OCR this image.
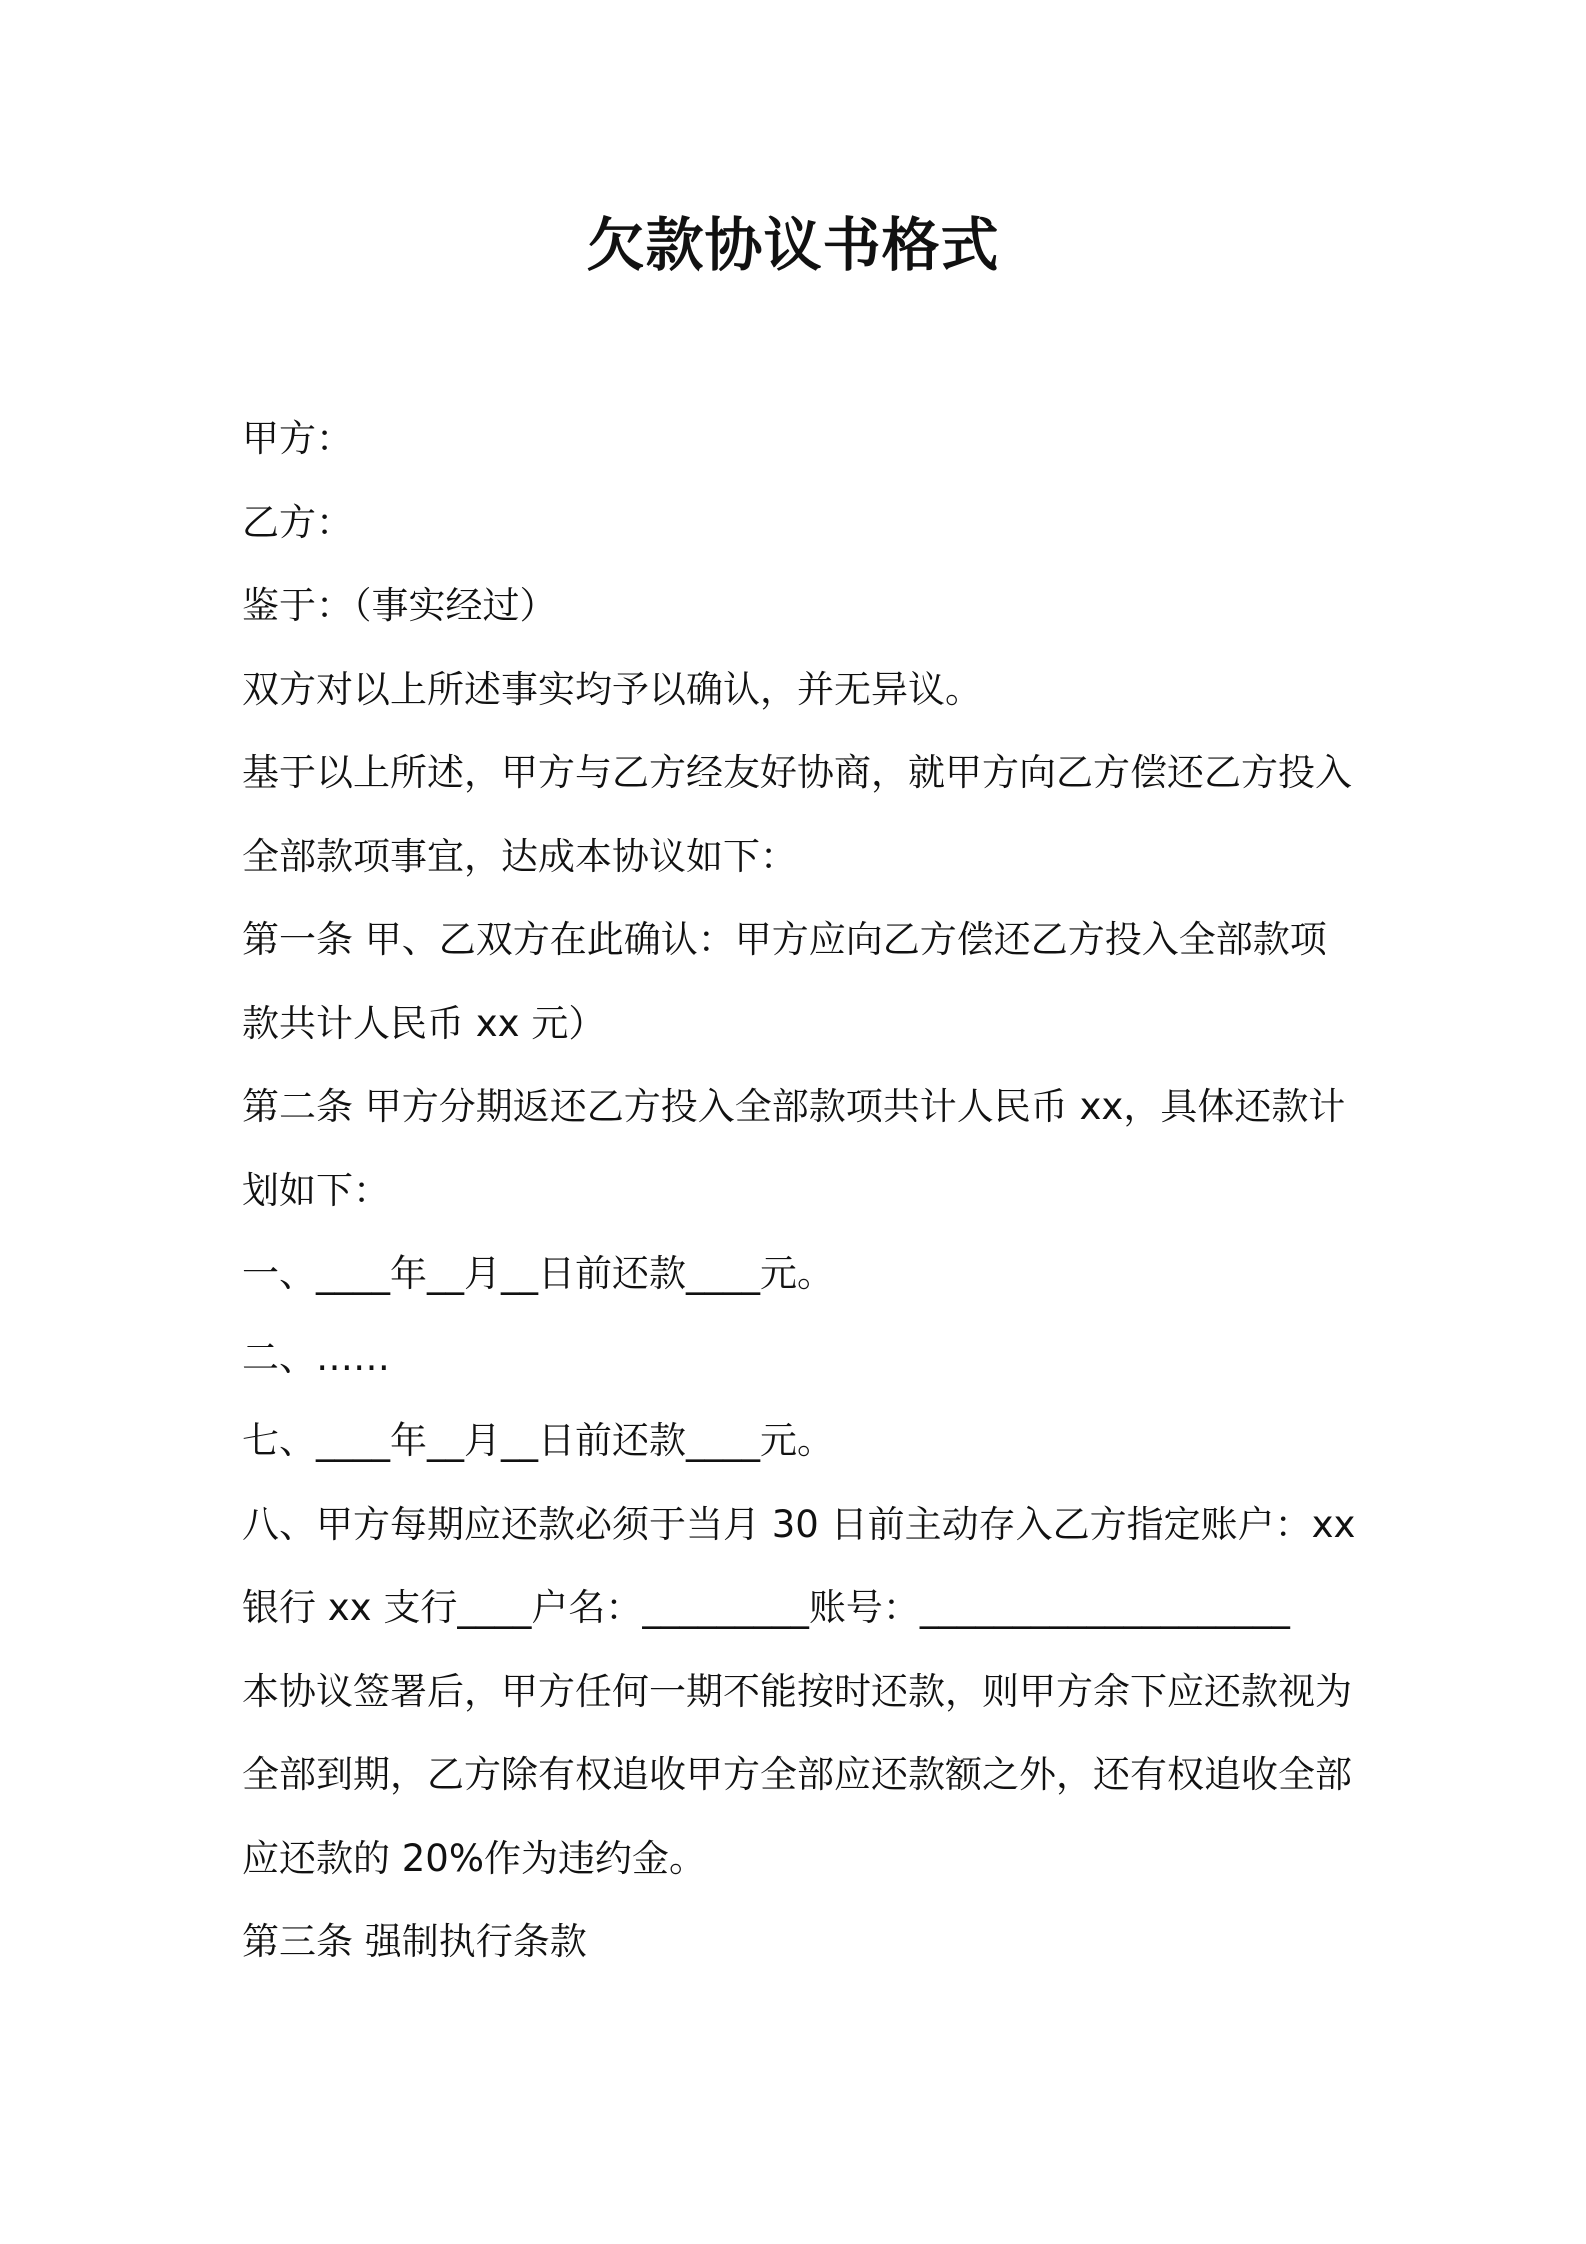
欠款协议书格式
甲方：
乙方：
鉴于：（事实经过）
双方对以上所述事实均予以确认，并无异议。
基于以上所述，甲方与乙方经友好协商，就甲方向乙方偿还乙方投入
全部款项事宜，达成本协议如下：
第一条 甲、乙双方在此确认：甲方应向乙方偿还乙方投入全部款项
款共计人民币 xx 元）
第二条 甲方分期返还乙方投入全部款项共计人民币 xx，具体还款计
划如下：
一、____年__月__日前还款____元。
二、……
七、____年__月__日前还款____元。
八、甲方每期应还款必须于当月 30 日前主动存入乙方指定账户：xx
银行 xx 支行____户名：_________账号：____________________
本协议签署后，甲方任何一期不能按时还款，则甲方余下应还款视为
全部到期，乙方除有权追收甲方全部应还款额之外，还有权追收全部
应还款的 20%作为违约金。
第三条 强制执行条款
